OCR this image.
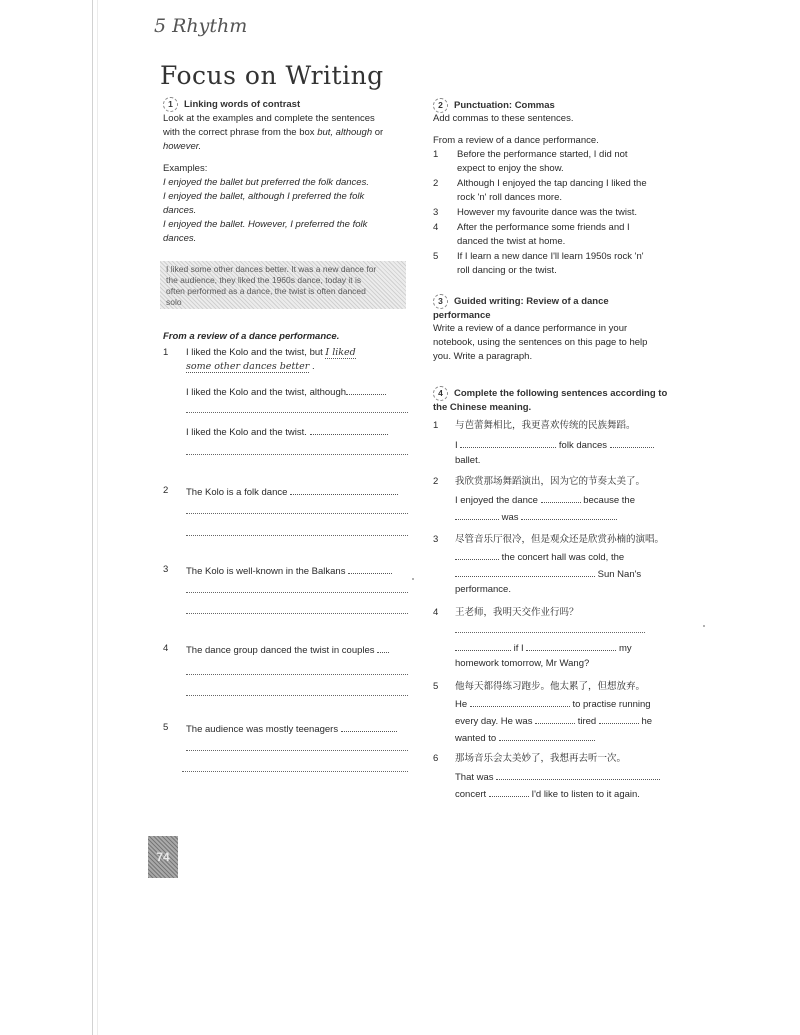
5 Rhythm
Focus on Writing
1 Linking words of contrast
Look at the examples and complete the sentences
with the correct phrase from the box but, although or
however.
Examples:
I enjoyed the ballet but preferred the folk dances.
I enjoyed the ballet, although I preferred the folk
dances.
I enjoyed the ballet. However, I preferred the folk
dances.
I liked some other dances better. It was a new dance for
the audience, they liked the 1960s dance, today it is
often performed as a dance, the twist is often danced
solo
From a review of a dance performance.
1 I liked the Kolo and the twist, but I liked
some other dances better .
I liked the Kolo and the twist, although
I liked the Kolo and the twist.
2 The Kolo is a folk dance
3 The Kolo is well-known in the Balkans
4 The dance group danced the twist in couples
5 The audience was mostly teenagers
2 Punctuation: Commas
Add commas to these sentences.
From a review of a dance performance.
1 Before the performance started, I did not
expect to enjoy the show.
2 Although I enjoyed the tap dancing I liked the
rock 'n' roll dances more.
3 However my favourite dance was the twist.
4 After the performance some friends and I
danced the twist at home.
5 If I learn a new dance I'll learn 1950s rock 'n'
roll dancing or the twist.
3 Guided writing: Review of a dance
performance
Write a review of a dance performance in your
notebook, using the sentences on this page to help
you. Write a paragraph.
4 Complete the following sentences according to
the Chinese meaning.
1 与芭蕾舞相比，我更喜欢传统的民族舞蹈。
I	folk dances
ballet.
2 我欣赏那场舞蹈演出，因为它的节奏太美了。
I enjoyed the dance	because the
was
3 尽管音乐厅很冷，但是观众还是欣赏孙楠的演唱。
the concert hall was cold, the
Sun Nan's
performance.
4 王老师，我明天交作业行吗？
if I	my
homework tomorrow, Mr Wang?
5 他每天都得练习跑步。他太累了，但想放弃。
He	to practise running
every day. He was	tired	he
wanted to
6 那场音乐会太美妙了，我想再去听一次。
That was
concert	I'd like to listen to it again.
74
